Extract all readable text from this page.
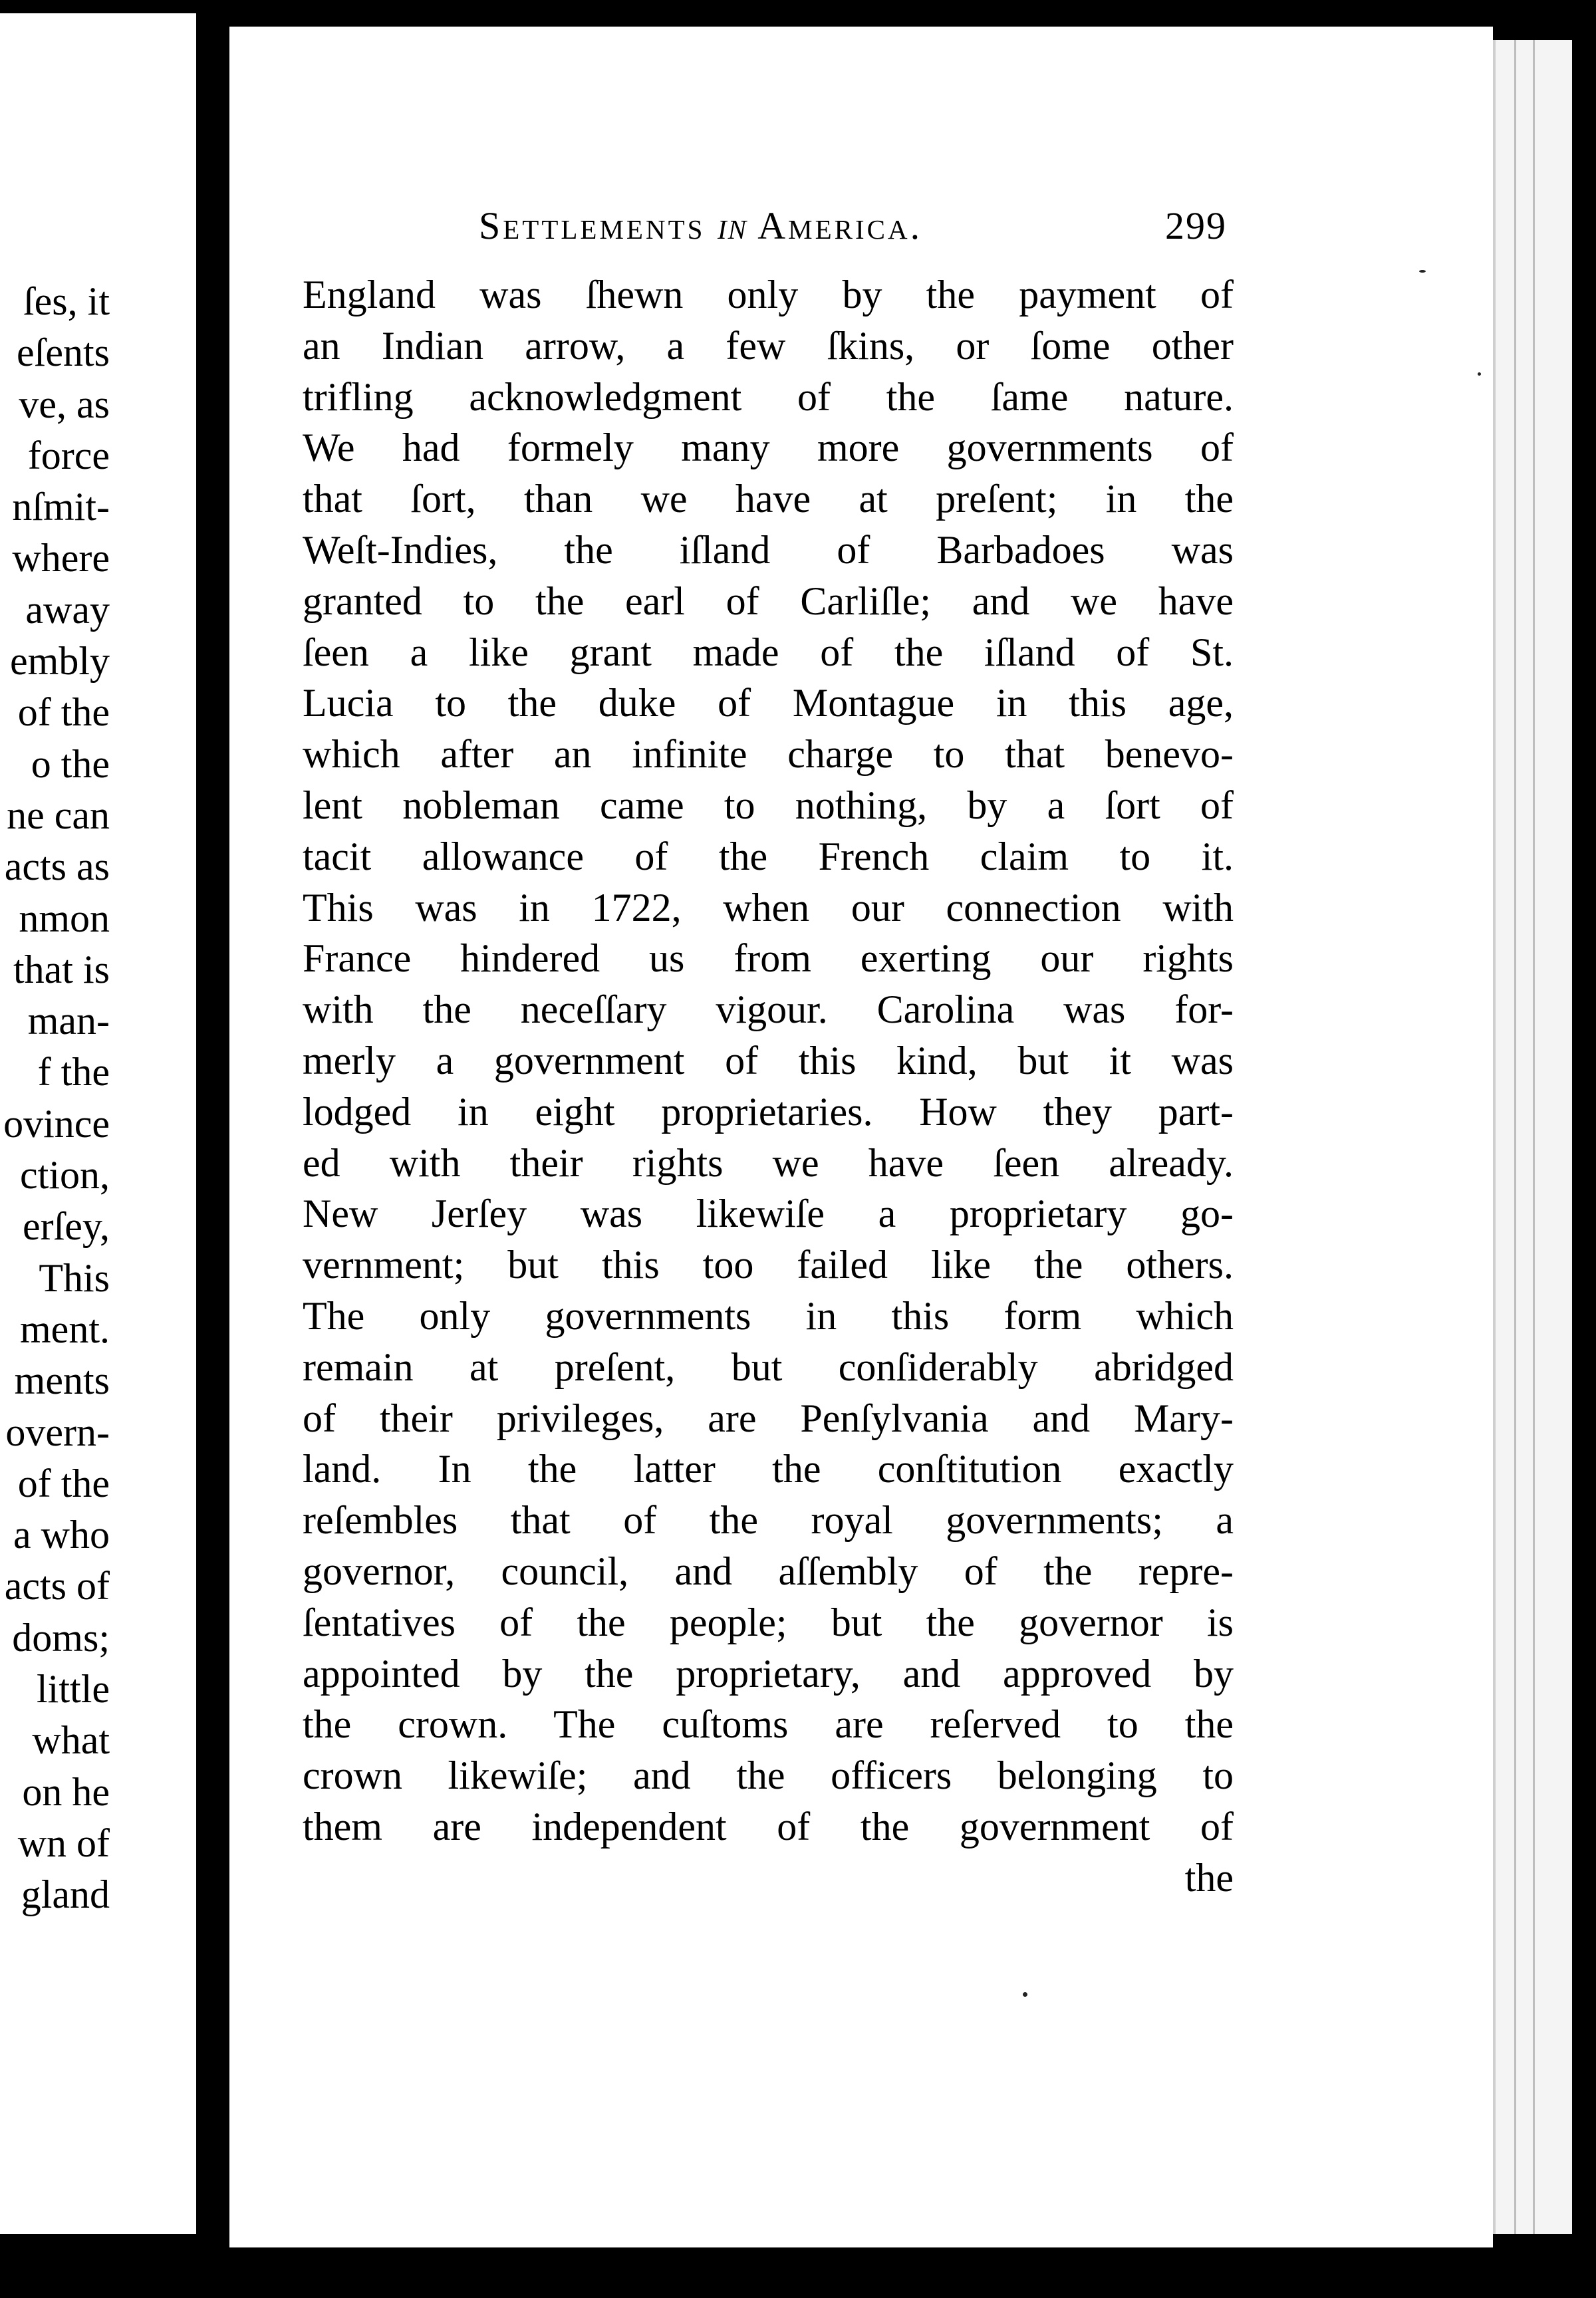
ſes, it
eſents
ve, as
force
nſmit-
where
away
embly
of the
o the
ne can
acts as
nmon
that is
man-
f the
ovince
ction,
erſey,
This
ment.
ments
overn-
of the
a who
acts of
doms;
little
what
on he
wn of
gland
Settlements in America.	299
England was ſhewn only by the payment of
an Indian arrow, a few ſkins, or ſome other
trifling acknowledgment of the ſame nature.
We had formely many more governments of
that ſort, than we have at preſent; in the
Weſt-Indies, the iſland of Barbadoes was
granted to the earl of Carliſle; and we have
ſeen a like grant made of the iſland of St.
Lucia to the duke of Montague in this age,
which after an infinite charge to that benevo-
lent nobleman came to nothing, by a ſort of
tacit allowance of the French claim to it.
This was in 1722, when our connection with
France hindered us from exerting our rights
with the neceſſary vigour. Carolina was for-
merly a government of this kind, but it was
lodged in eight proprietaries. How they part-
ed with their rights we have ſeen already.
New Jerſey was likewiſe a proprietary go-
vernment; but this too failed like the others.
The only governments in this form which
remain at preſent, but conſiderably abridged
of their privileges, are Penſylvania and Mary-
land. In the latter the conſtitution exactly
reſembles that of the royal governments; a
governor, council, and aſſembly of the repre-
ſentatives of the people; but the governor is
appointed by the proprietary, and approved by
the crown. The cuſtoms are reſerved to the
crown likewiſe; and the officers belonging to
them are independent of the government of
the
